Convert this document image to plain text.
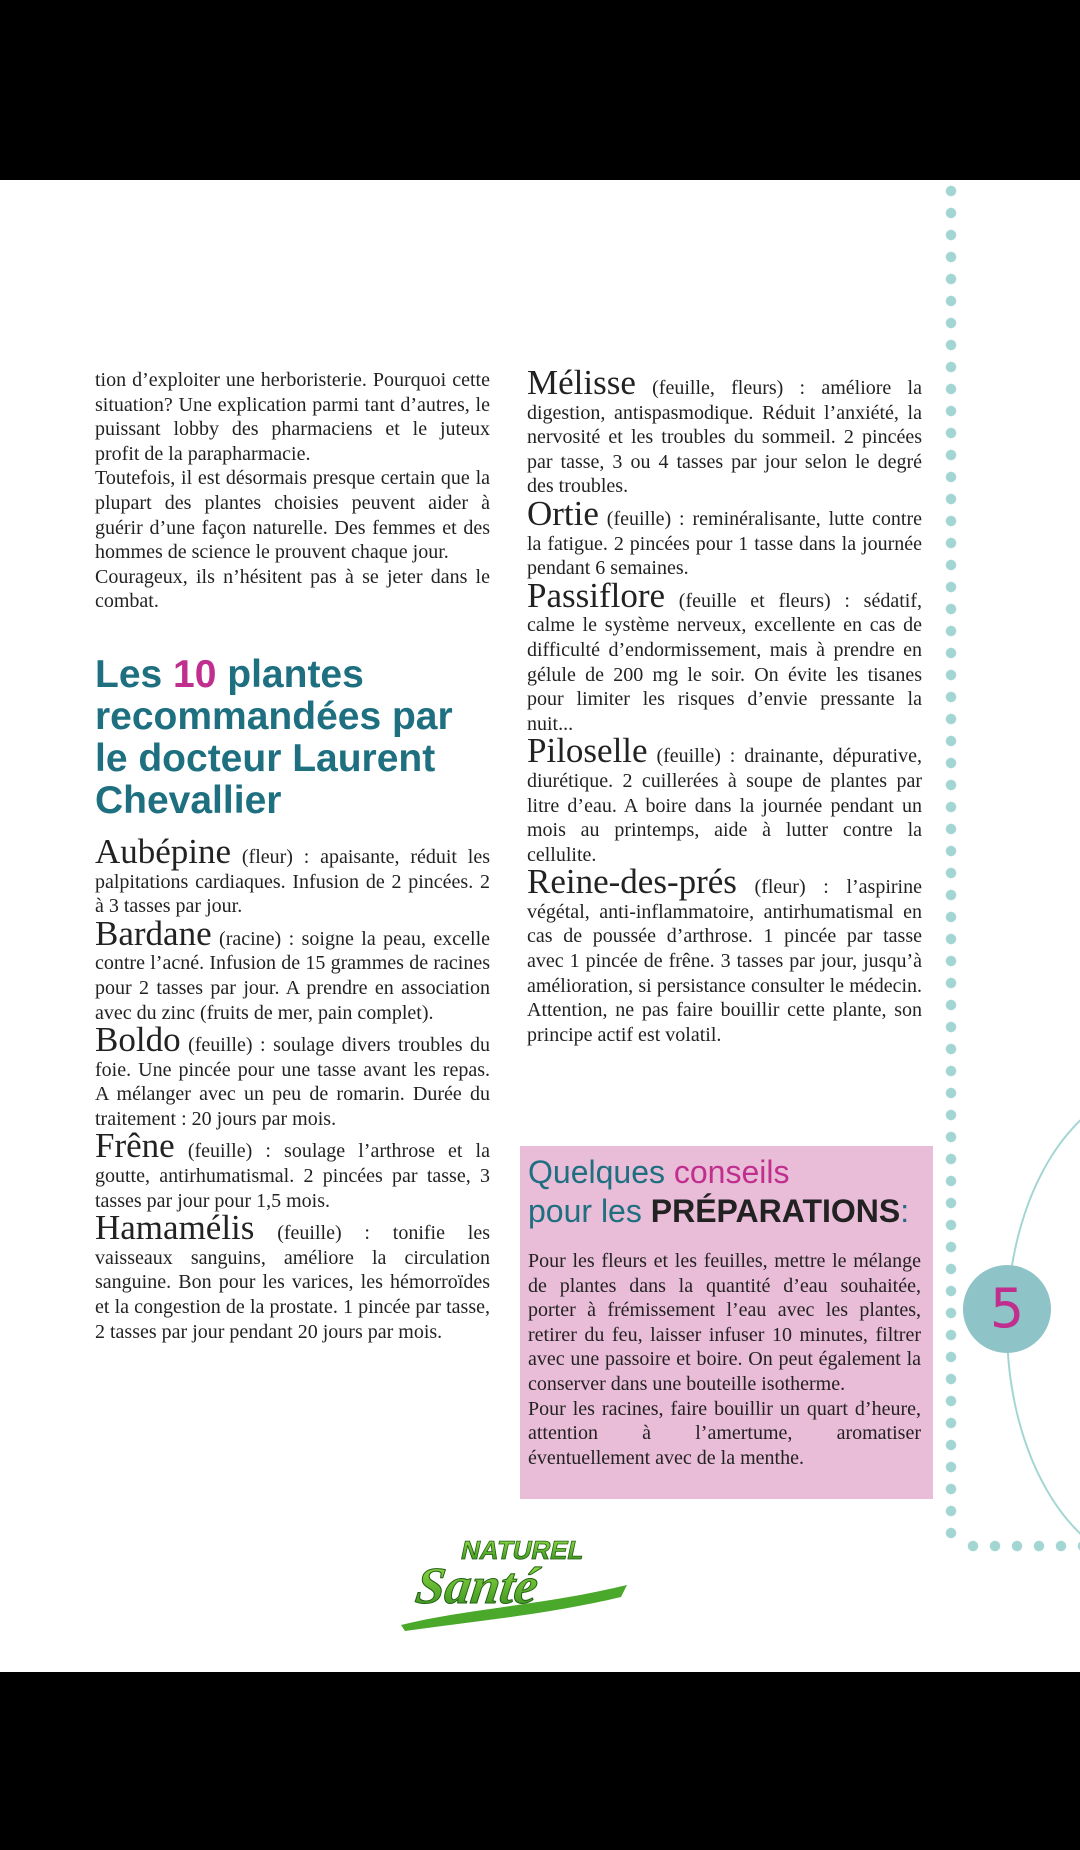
5

tion d’exploiter une herboristerie. Pourquoi cette situation? Une explication parmi tant d’autres, le puissant lobby des pharmaciens et le juteux profit de la parapharmacie.

Toutefois, il est désormais presque certain que la plupart des plantes choisies peuvent aider à guérir d’une façon naturelle. Des femmes et des hommes de science le prouvent chaque jour.

Courageux, ils n’hésitent pas à se jeter dans le combat.

Les 10 plantes recommandées par le docteur Laurent Chevallier

Aubépine (fleur) : apaisante, réduit les palpitations cardiaques. Infusion de 2 pincées. 2 à 3 tasses par jour.

Bardane (racine) : soigne la peau, excelle contre l’acné. Infusion de 15 grammes de racines pour 2 tasses par jour. A prendre en association avec du zinc (fruits de mer, pain complet).

Boldo (feuille) : soulage divers troubles du foie. Une pincée pour une tasse avant les repas. A mélanger avec un peu de romarin. Durée du traitement : 20 jours par mois.

Frêne (feuille) : soulage l’arthrose et la goutte, antirhumatismal. 2 pincées par tasse, 3 tasses par jour pour 1,5 mois.

Hamamélis (feuille) : tonifie les vaisseaux sanguins, améliore la circulation sanguine. Bon pour les varices, les hémorroïdes et la congestion de la prostate. 1 pincée par tasse, 2 tasses par jour pendant 20 jours par mois.

Mélisse (feuille, fleurs) : améliore la digestion, antispasmodique. Réduit l’anxiété, la nervosité et les troubles du sommeil. 2 pincées par tasse, 3 ou 4 tasses par jour selon le degré des troubles.

Ortie (feuille) : reminéralisante, lutte contre la fatigue. 2 pincées pour 1 tasse dans la journée pendant 6 semaines.

Passiflore (feuille et fleurs) : sédatif, calme le système nerveux, excellente en cas de difficulté d’endormissement, mais à prendre en gélule de 200 mg le soir. On évite les tisanes pour limiter les risques d’envie pressante la nuit...

Piloselle (feuille) : drainante, dépurative, diurétique. 2 cuillerées à soupe de plantes par litre d’eau. A boire dans la journée pendant un mois au printemps, aide à lutter contre la cellulite.

Reine-des-prés (fleur) : l’aspirine végétal, anti-inflammatoire, antirhumatismal en cas de poussée d’arthrose. 1 pincée par tasse avec 1 pincée de frêne. 3 tasses par jour, jusqu’à amélioration, si persistance consulter le médecin. Attention, ne pas faire bouillir cette plante, son principe actif est volatil.

Quelques conseils
pour les PRÉPARATIONS:

Pour les fleurs et les feuilles, mettre le mélange de plantes dans la quantité d’eau souhaitée, porter à frémissement l’eau avec les plantes, retirer du feu, laisser infuser 10 minutes, filtrer avec une passoire et boire. On peut également la conserver dans une bouteille isotherme.

Pour les racines, faire bouillir un quart d’heure, attention à l’amertume, aromatiser éventuellement avec de la menthe.

NATUREL
Santé
